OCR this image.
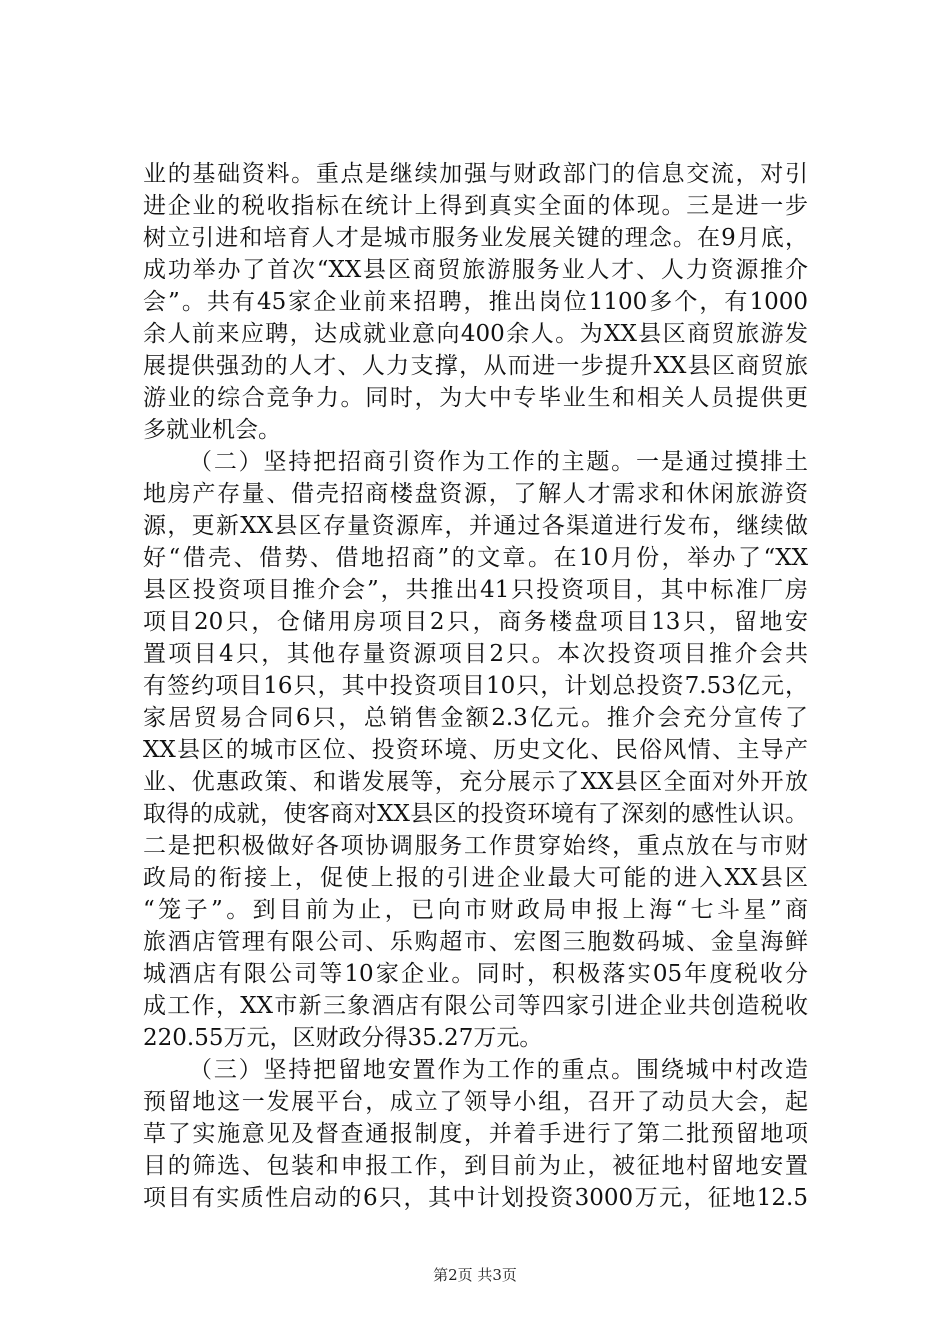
业的基础资料。重点是继续加强与财政部门的信息交流，对引
进企业的税收指标在统计上得到真实全面的体现。三是进一步
树立引进和培育人才是城市服务业发展关键的理念。在9月底，
成功举办了首次“XX县区商贸旅游服务业人才、人力资源推介
会”。共有45家企业前来招聘，推出岗位1100多个，有1000
余人前来应聘，达成就业意向400余人。为XX县区商贸旅游发
展提供强劲的人才、人力支撑，从而进一步提升XX县区商贸旅
游业的综合竞争力。同时，为大中专毕业生和相关人员提供更
多就业机会。
（二）坚持把招商引资作为工作的主题。一是通过摸排土
地房产存量、借壳招商楼盘资源，了解人才需求和休闲旅游资
源，更新XX县区存量资源库，并通过各渠道进行发布，继续做
好“借壳、借势、借地招商”的文章。在10月份，举办了“XX
县区投资项目推介会”，共推出41只投资项目，其中标准厂房
项目20只，仓储用房项目2只，商务楼盘项目13只，留地安
置项目4只，其他存量资源项目2只。本次投资项目推介会共
有签约项目16只，其中投资项目10只，计划总投资7.53亿元，
家居贸易合同6只，总销售金额2.3亿元。推介会充分宣传了
XX县区的城市区位、投资环境、历史文化、民俗风情、主导产
业、优惠政策、和谐发展等，充分展示了XX县区全面对外开放
取得的成就，使客商对XX县区的投资环境有了深刻的感性认识。
二是把积极做好各项协调服务工作贯穿始终，重点放在与市财
政局的衔接上，促使上报的引进企业最大可能的进入XX县区
“笼子”。到目前为止，已向市财政局申报上海“七斗星”商
旅酒店管理有限公司、乐购超市、宏图三胞数码城、金皇海鲜
城酒店有限公司等10家企业。同时，积极落实05年度税收分
成工作，XX市新三象酒店有限公司等四家引进企业共创造税收
220.55万元，区财政分得35.27万元。
（三）坚持把留地安置作为工作的重点。围绕城中村改造
预留地这一发展平台，成立了领导小组，召开了动员大会，起
草了实施意见及督查通报制度，并着手进行了第二批预留地项
目的筛选、包装和申报工作，到目前为止，被征地村留地安置
项目有实质性启动的6只，其中计划投资3000万元，征地12.5
第2页 共3页
